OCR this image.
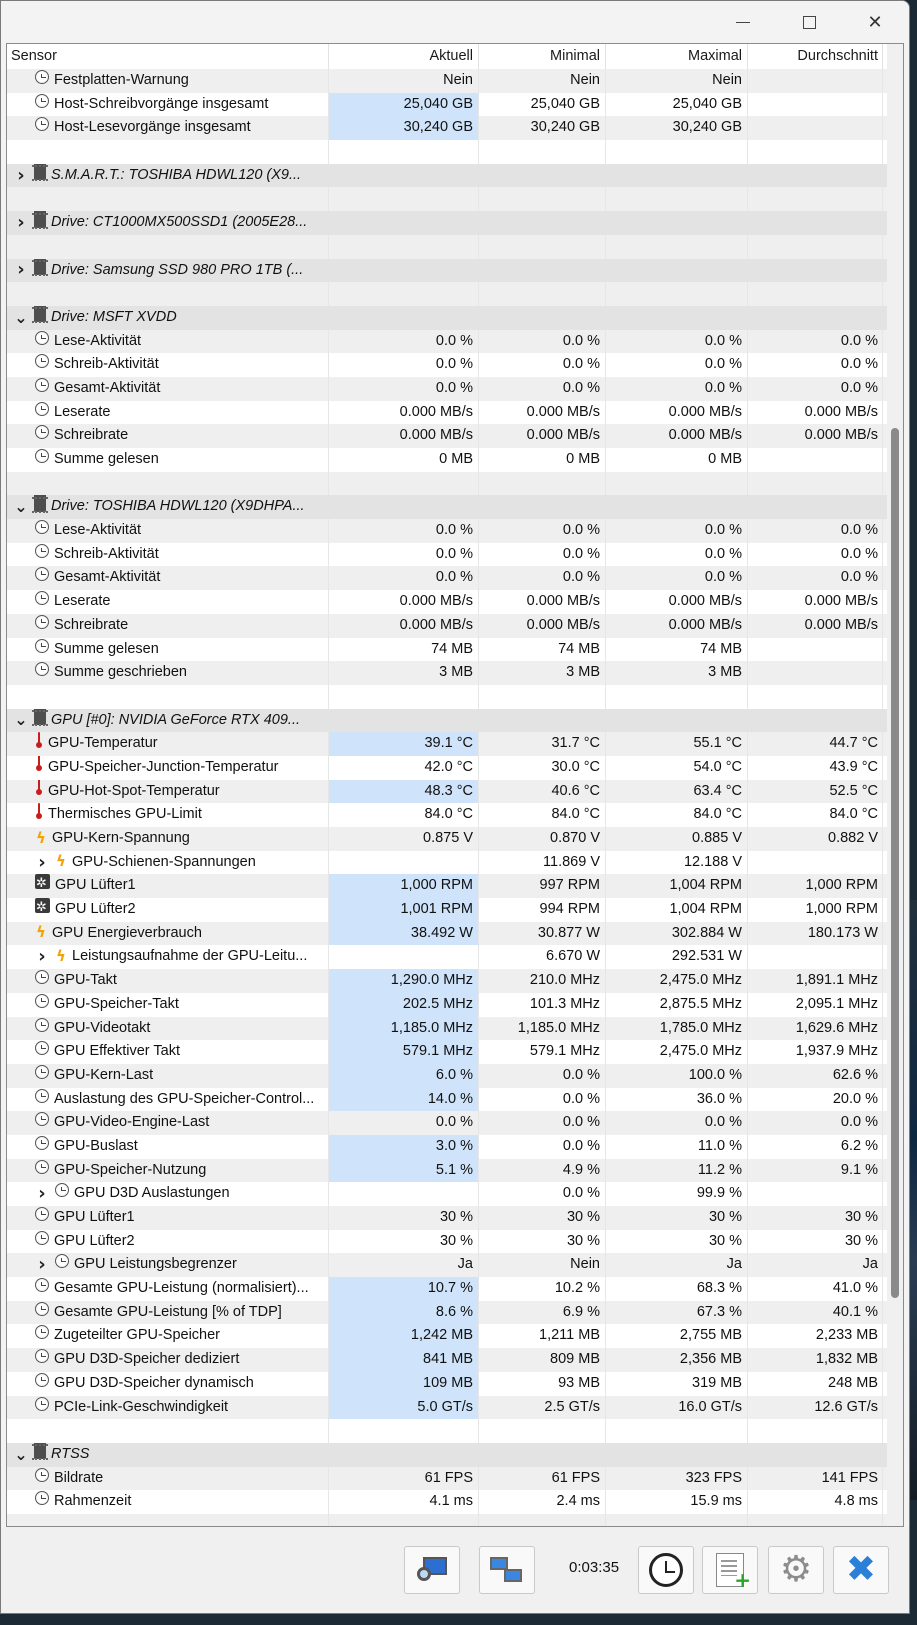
✕
Sensor	Aktuell	Minimal	Maximal	Durchschnitt
Festplatten-Warnung	Nein	Nein	Nein
Host-Schreibvorgänge insgesamt	25,040 GB	25,040 GB	25,040 GB
Host-Lesevorgänge insgesamt	30,240 GB	30,240 GB	30,240 GB
› S.M.A.R.T.: TOSHIBA HDWL120 (X9...
› Drive: CT1000MX500SSD1 (2005E28...
› Drive: Samsung SSD 980 PRO 1TB (...
⌄ Drive: MSFT XVDD
Lese-Aktivität	0.0 %	0.0 %	0.0 %	0.0 %
Schreib-Aktivität	0.0 %	0.0 %	0.0 %	0.0 %
Gesamt-Aktivität	0.0 %	0.0 %	0.0 %	0.0 %
Leserate	0.000 MB/s	0.000 MB/s	0.000 MB/s	0.000 MB/s
Schreibrate	0.000 MB/s	0.000 MB/s	0.000 MB/s	0.000 MB/s
Summe gelesen	0 MB	0 MB	0 MB
⌄ Drive: TOSHIBA HDWL120 (X9DHPA...
Lese-Aktivität	0.0 %	0.0 %	0.0 %	0.0 %
Schreib-Aktivität	0.0 %	0.0 %	0.0 %	0.0 %
Gesamt-Aktivität	0.0 %	0.0 %	0.0 %	0.0 %
Leserate	0.000 MB/s	0.000 MB/s	0.000 MB/s	0.000 MB/s
Schreibrate	0.000 MB/s	0.000 MB/s	0.000 MB/s	0.000 MB/s
Summe gelesen	74 MB	74 MB	74 MB
Summe geschrieben	3 MB	3 MB	3 MB
⌄ GPU [#0]: NVIDIA GeForce RTX 409...
GPU-Temperatur	39.1 °C	31.7 °C	55.1 °C	44.7 °C
GPU-Speicher-Junction-Temperatur	42.0 °C	30.0 °C	54.0 °C	43.9 °C
GPU-Hot-Spot-Temperatur	48.3 °C	40.6 °C	63.4 °C	52.5 °C
Thermisches GPU-Limit	84.0 °C	84.0 °C	84.0 °C	84.0 °C
ϟ GPU-Kern-Spannung	0.875 V	0.870 V	0.885 V	0.882 V
› ϟ GPU-Schienen-Spannungen	11.869 V	12.188 V
✲
GPU Lüfter1	1,000 RPM	997 RPM	1,004 RPM	1,000 RPM
✲
GPU Lüfter2	1,001 RPM	994 RPM	1,004 RPM	1,000 RPM
ϟ GPU Energieverbrauch	38.492 W	30.877 W	302.884 W	180.173 W
› ϟ Leistungsaufnahme der GPU-Leitu...	6.670 W	292.531 W
GPU-Takt	1,290.0 MHz	210.0 MHz	2,475.0 MHz	1,891.1 MHz
GPU-Speicher-Takt	202.5 MHz	101.3 MHz	2,875.5 MHz	2,095.1 MHz
GPU-Videotakt	1,185.0 MHz	1,185.0 MHz	1,785.0 MHz	1,629.6 MHz
GPU Effektiver Takt	579.1 MHz	579.1 MHz	2,475.0 MHz	1,937.9 MHz
GPU-Kern-Last	6.0 %	0.0 %	100.0 %	62.6 %
Auslastung des GPU-Speicher-Control...	14.0 %	0.0 %	36.0 %	20.0 %
GPU-Video-Engine-Last	0.0 %	0.0 %	0.0 %	0.0 %
GPU-Buslast	3.0 %	0.0 %	11.0 %	6.2 %
GPU-Speicher-Nutzung	5.1 %	4.9 %	11.2 %	9.1 %
› GPU D3D Auslastungen	0.0 %	99.9 %
GPU Lüfter1	30 %	30 %	30 %	30 %
GPU Lüfter2	30 %	30 %	30 %	30 %
› GPU Leistungsbegrenzer	Ja	Nein	Ja	Ja
Gesamte GPU-Leistung (normalisiert)...	10.7 %	10.2 %	68.3 %	41.0 %
Gesamte GPU-Leistung [% of TDP]	8.6 %	6.9 %	67.3 %	40.1 %
Zugeteilter GPU-Speicher	1,242 MB	1,211 MB	2,755 MB	2,233 MB
GPU D3D-Speicher dediziert	841 MB	809 MB	2,356 MB	1,832 MB
GPU D3D-Speicher dynamisch	109 MB	93 MB	319 MB	248 MB
PCIe-Link-Geschwindigkeit	5.0 GT/s	2.5 GT/s	16.0 GT/s	12.6 GT/s
⌄ RTSS
Bildrate	61 FPS	61 FPS	323 FPS	141 FPS
Rahmenzeit	4.1 ms	2.4 ms	15.9 ms	4.8 ms
0:03:35
+	⚙ ✖
